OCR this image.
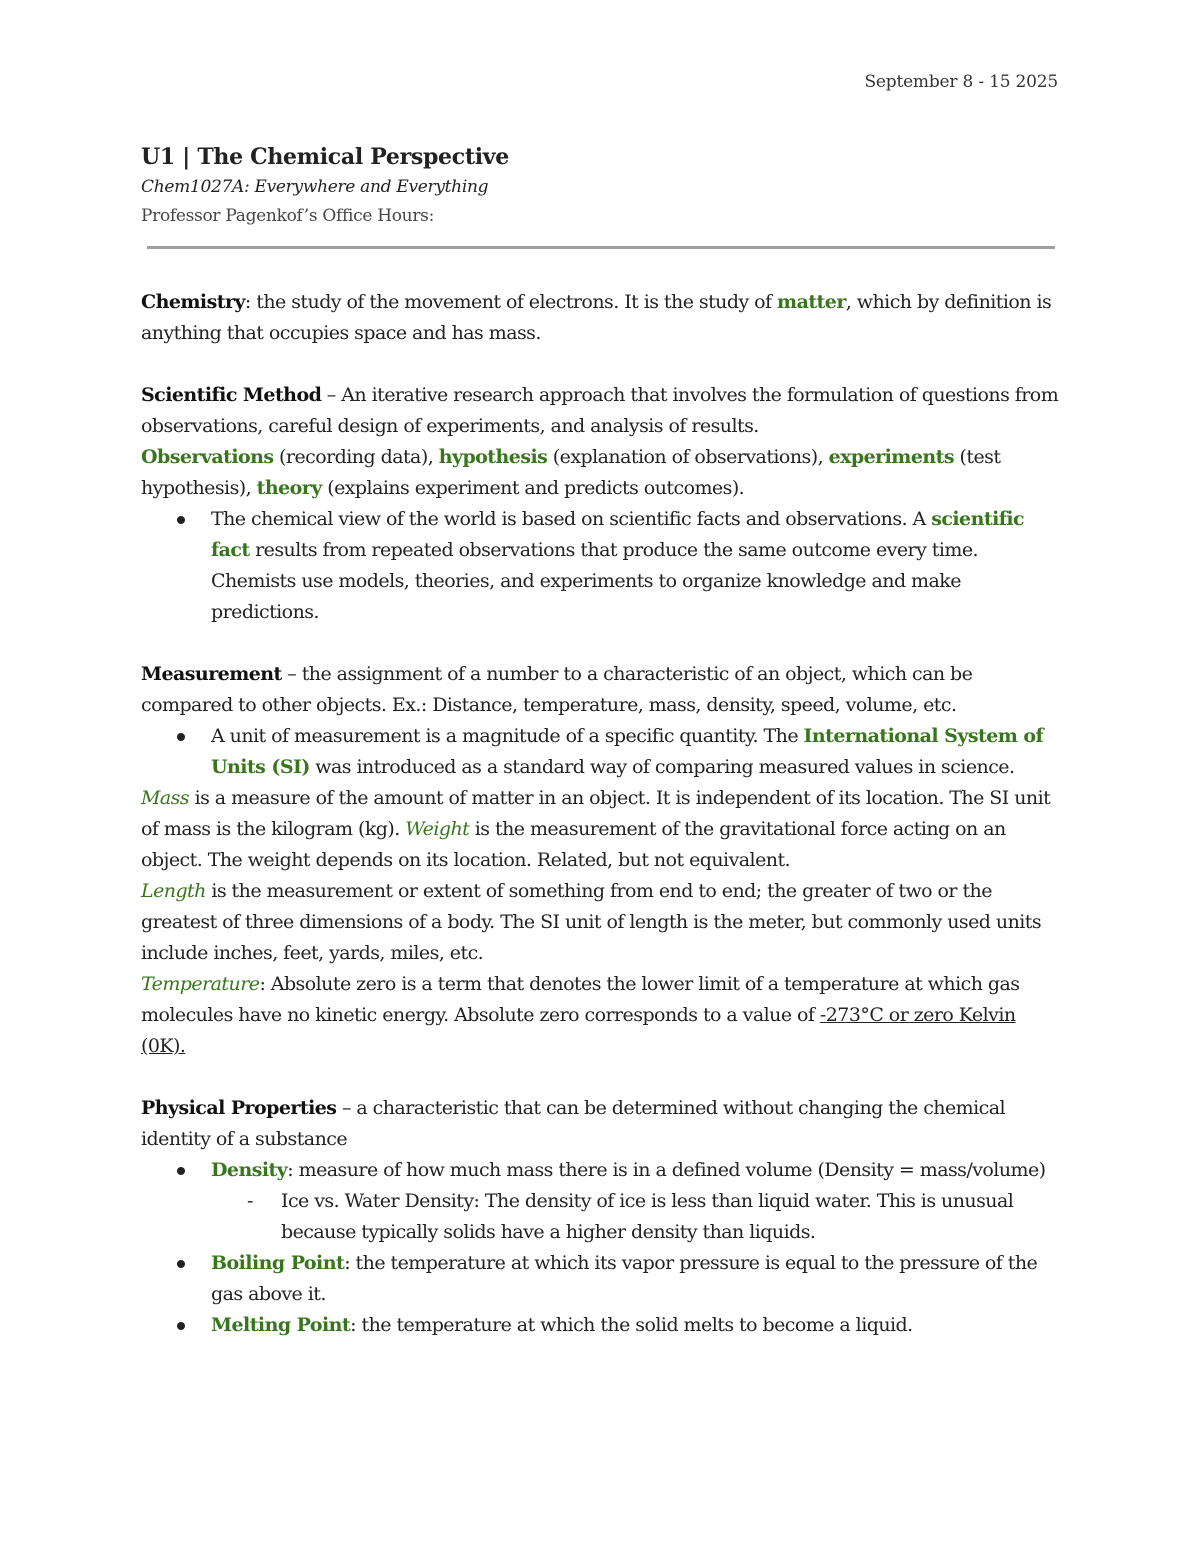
September 8 - 15 2025
U1 | The Chemical Perspective
Chem1027A: Everywhere and Everything
Professor Pagenkof’s Office Hours:

Chemistry: the study of the movement of electrons. It is the study of matter, which by definition is anything that occupies space and has mass.

Scientific Method – An iterative research approach that involves the formulation of questions from observations, careful design of experiments, and analysis of results.

Observations (recording data), hypothesis (explanation of observations), experiments (test hypothesis), theory (explains experiment and predicts outcomes).

The chemical view of the world is based on scientific facts and observations. A scientific fact results from repeated observations that produce the same outcome every time. Chemists use models, theories, and experiments to organize knowledge and make predictions.

Measurement – the assignment of a number to a characteristic of an object, which can be compared to other objects. Ex.: Distance, temperature, mass, density, speed, volume, etc.

A unit of measurement is a magnitude of a specific quantity. The International System of Units (SI) was introduced as a standard way of comparing measured values in science.

Mass is a measure of the amount of matter in an object. It is independent of its location. The SI unit of mass is the kilogram (kg). Weight is the measurement of the gravitational force acting on an object. The weight depends on its location. Related, but not equivalent.

Length is the measurement or extent of something from end to end; the greater of two or the greatest of three dimensions of a body. The SI unit of length is the meter, but commonly used units include inches, feet, yards, miles, etc.

Temperature: Absolute zero is a term that denotes the lower limit of a temperature at which gas molecules have no kinetic energy. Absolute zero corresponds to a value of -273°C or zero Kelvin (0K).

Physical Properties – a characteristic that can be determined without changing the chemical identity of a substance

Density: measure of how much mass there is in a defined volume (Density = mass/volume)
- Ice vs. Water Density: The density of ice is less than liquid water. This is unusual because typically solids have a higher density than liquids.
Boiling Point: the temperature at which its vapor pressure is equal to the pressure of the gas above it.
Melting Point: the temperature at which the solid melts to become a liquid.
